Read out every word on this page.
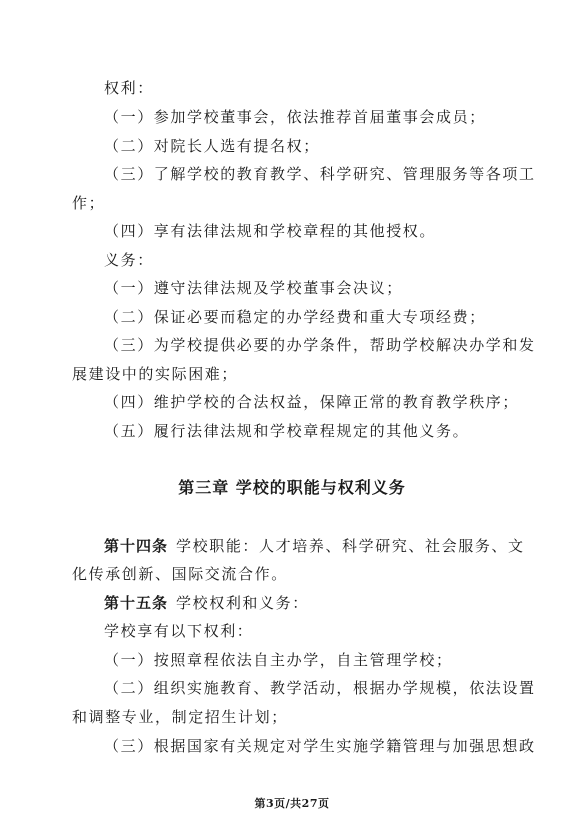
权利：
（一）参加学校董事会，依法推荐首届董事会成员；
（二）对院长人选有提名权；
（三）了解学校的教育教学、科学研究、管理服务等各项工
作；
（四）享有法律法规和学校章程的其他授权。
义务：
（一）遵守法律法规及学校董事会决议；
（二）保证必要而稳定的办学经费和重大专项经费；
（三）为学校提供必要的办学条件，帮助学校解决办学和发
展建设中的实际困难；
（四）维护学校的合法权益，保障正常的教育教学秩序；
（五）履行法律法规和学校章程规定的其他义务。
第三章 学校的职能与权利义务
第十四条 学校职能：人才培养、科学研究、社会服务、文
化传承创新、国际交流合作。
第十五条 学校权利和义务：
学校享有以下权利：
（一）按照章程依法自主办学，自主管理学校；
（二）组织实施教育、教学活动，根据办学规模，依法设置
和调整专业，制定招生计划；
（三）根据国家有关规定对学生实施学籍管理与加强思想政
第3页/共27页
